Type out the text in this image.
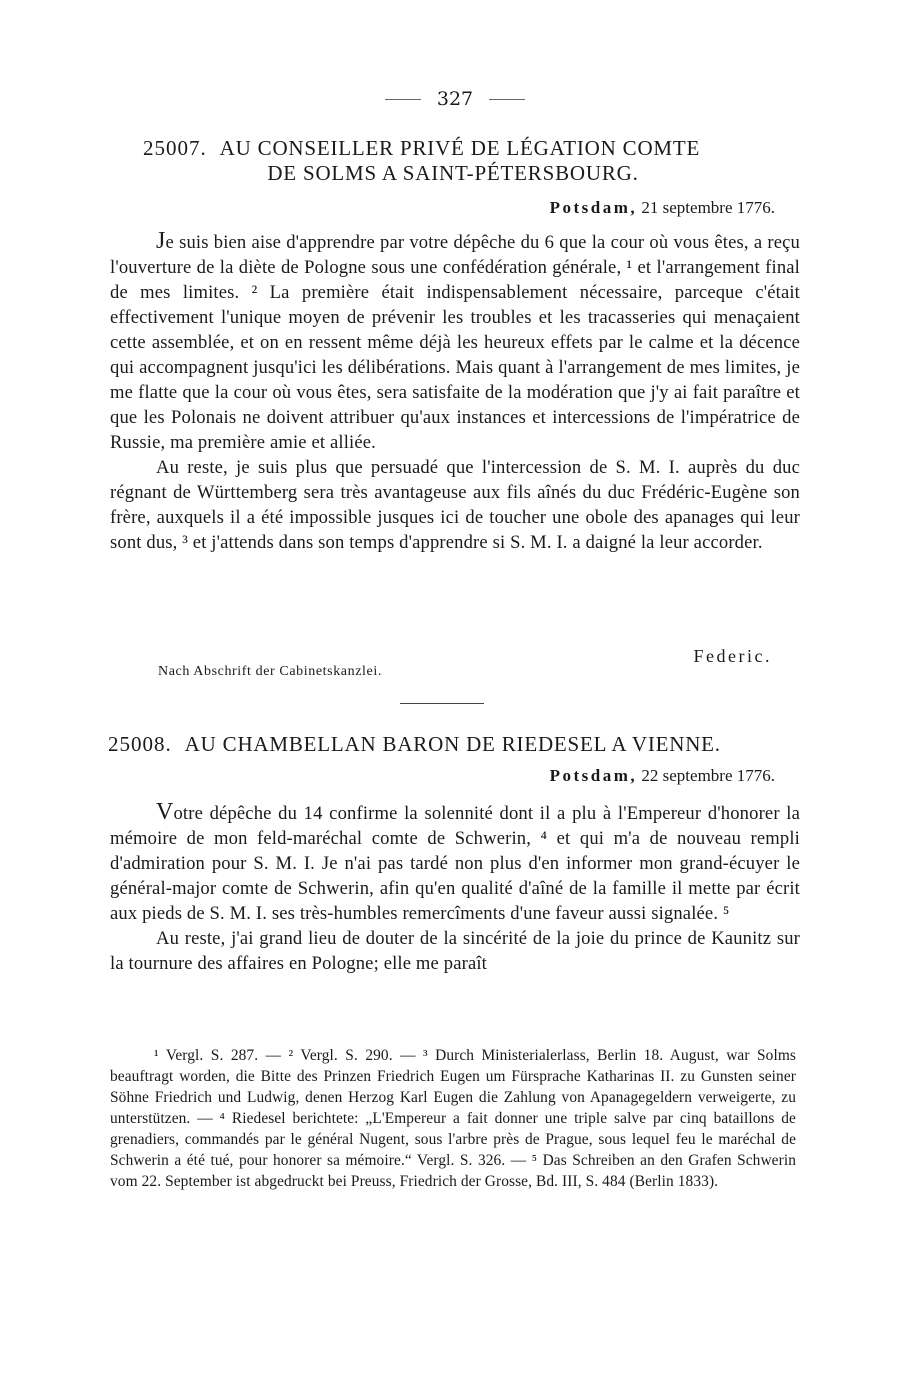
327
25007. AU CONSEILLER PRIVÉ DE LÉGATION COMTE
DE SOLMS A SAINT-PÉTERSBOURG.
Potsdam, 21 septembre 1776.

Je suis bien aise d'apprendre par votre dépêche du 6 que la cour où vous êtes, a reçu l'ouverture de la diète de Pologne sous une confédération générale, ¹ et l'arrangement final de mes limites. ² La première était indispensablement nécessaire, parceque c'était effectivement l'unique moyen de prévenir les troubles et les tracasseries qui menaçaient cette assemblée, et on en ressent même déjà les heureux effets par le calme et la décence qui accompagnent jusqu'ici les délibérations. Mais quant à l'arrangement de mes limites, je me flatte que la cour où vous êtes, sera satisfaite de la modération que j'y ai fait paraître et que les Polonais ne doivent attribuer qu'aux instances et intercessions de l'impératrice de Russie, ma première amie et alliée.

Au reste, je suis plus que persuadé que l'intercession de S. M. I. auprès du duc régnant de Württemberg sera très avantageuse aux fils aînés du duc Frédéric-Eugène son frère, auxquels il a été impossible jusques ici de toucher une obole des apanages qui leur sont dus, ³ et j'attends dans son temps d'apprendre si S. M. I. a daigné la leur accorder.

Federic.
Nach Abschrift der Cabinetskanzlei.
25008. AU CHAMBELLAN BARON DE RIEDESEL A VIENNE.
Potsdam, 22 septembre 1776.

Votre dépêche du 14 confirme la solennité dont il a plu à l'Empereur d'honorer la mémoire de mon feld-maréchal comte de Schwerin, ⁴ et qui m'a de nouveau rempli d'admiration pour S. M. I. Je n'ai pas tardé non plus d'en informer mon grand-écuyer le général-major comte de Schwerin, afin qu'en qualité d'aîné de la famille il mette par écrit aux pieds de S. M. I. ses très-humbles remercîments d'une faveur aussi signalée. ⁵

Au reste, j'ai grand lieu de douter de la sincérité de la joie du prince de Kaunitz sur la tournure des affaires en Pologne; elle me paraît

¹ Vergl. S. 287. — ² Vergl. S. 290. — ³ Durch Ministerialerlass, Berlin 18. August, war Solms beauftragt worden, die Bitte des Prinzen Friedrich Eugen um Fürsprache Katharinas II. zu Gunsten seiner Söhne Friedrich und Ludwig, denen Herzog Karl Eugen die Zahlung von Apanagegeldern verweigerte, zu unterstützen. — ⁴ Riedesel berichtete: „L'Empereur a fait donner une triple salve par cinq bataillons de grenadiers, commandés par le général Nugent, sous l'arbre près de Prague, sous lequel feu le maréchal de Schwerin a été tué, pour honorer sa mémoire.“ Vergl. S. 326. — ⁵ Das Schreiben an den Grafen Schwerin vom 22. September ist abgedruckt bei Preuss, Friedrich der Grosse, Bd. III, S. 484 (Berlin 1833).
